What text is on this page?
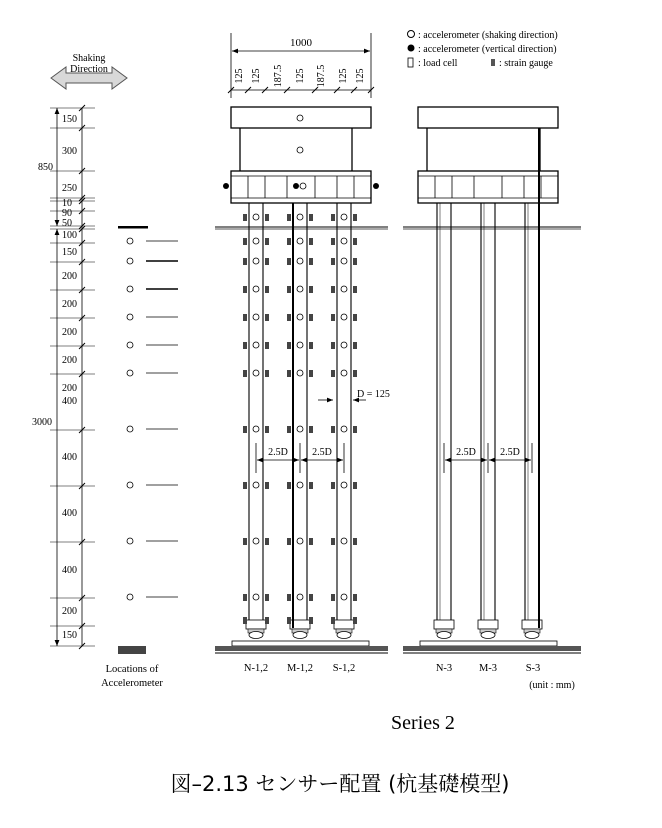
Shaking
Direction
: accelerometer (shaking direction)
: accelerometer (vertical direction)
: load cell	: strain gauge
1000
125 125 187.5 125 187.5 125 125
850
3000
150
300
250
10
90
50
100
150
200
200
200
200
200
400
400
400
400
200
150
Locations of
Accelerometer
D = 125
2.5D 2.5D
N-1,2 M-1,2 S-1,2
2.5D 2.5D
N-3	M-3	S-3
(unit : mm)
Series 2
図–2.13 センサー配置 (杭基礎模型)
